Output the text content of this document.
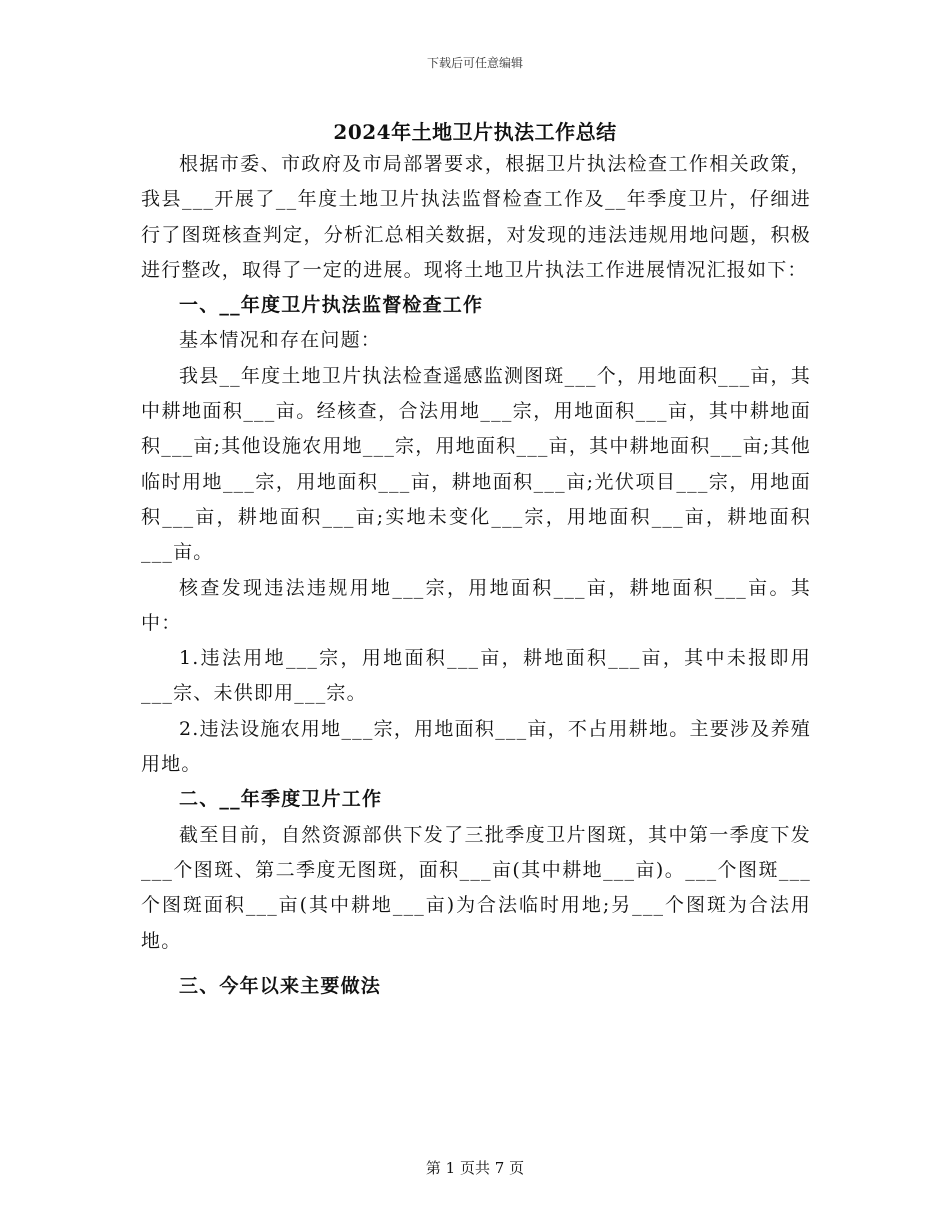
下载后可任意编辑
2024年土地卫片执法工作总结

根据市委、市政府及市局部署要求，根据卫片执法检查工作相关政策，我县___开展了__年度土地卫片执法监督检查工作及__年季度卫片，仔细进行了图斑核查判定，分析汇总相关数据，对发现的违法违规用地问题，积极进行整改，取得了一定的进展。现将土地卫片执法工作进展情况汇报如下：

一、__年度卫片执法监督检查工作

基本情况和存在问题：

我县__年度土地卫片执法检查遥感监测图斑___个，用地面积___亩，其中耕地面积___亩。经核查，合法用地___宗，用地面积___亩，其中耕地面积___亩;其他设施农用地___宗，用地面积___亩，其中耕地面积___亩;其他临时用地___宗，用地面积___亩，耕地面积___亩;光伏项目___宗，用地面积___亩，耕地面积___亩;实地未变化___宗，用地面积___亩，耕地面积___亩。

核查发现违法违规用地___宗，用地面积___亩，耕地面积___亩。其中：

1.违法用地___宗，用地面积___亩，耕地面积___亩，其中未报即用___宗、未供即用___宗。

2.违法设施农用地___宗，用地面积___亩，不占用耕地。主要涉及养殖用地。

二、__年季度卫片工作

截至目前，自然资源部供下发了三批季度卫片图斑，其中第一季度下发___个图斑、第二季度无图斑，面积___亩(其中耕地___亩)。___个图斑___个图斑面积___亩(其中耕地___亩)为合法临时用地;另___个图斑为合法用地。

三、今年以来主要做法

第 1 页共 7 页
